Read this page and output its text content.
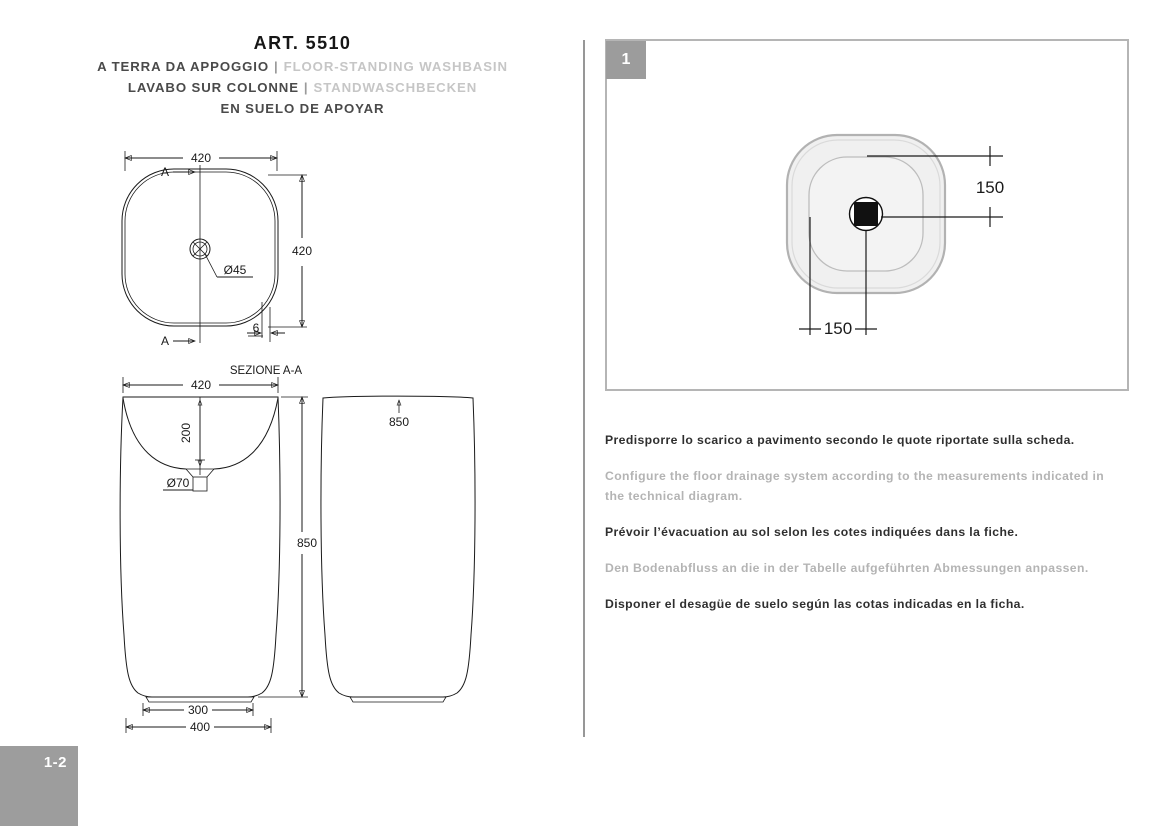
ART. 5510
A TERRA DA APPOGGIO | FLOOR-STANDING WASHBASIN
LAVABO SUR COLONNE | STANDWASCHBECKEN
EN SUELO DE APOYAR
Ø45
420
A
A
420
6
SEZIONE A-A
420
200
Ø70
850
300
400
850
1
150
150

Predisporre lo scarico a pavimento secondo le quote riportate sulla scheda.

Configure the floor drainage system according to the measurements indicated in the technical diagram.

Prévoir l’évacuation au sol selon les cotes indiquées dans la fiche.

Den Bodenabfluss an die in der Tabelle aufgeführten Abmessungen anpassen.

Disponer el desagüe de suelo según las cotas indicadas en la ficha.

1-2
